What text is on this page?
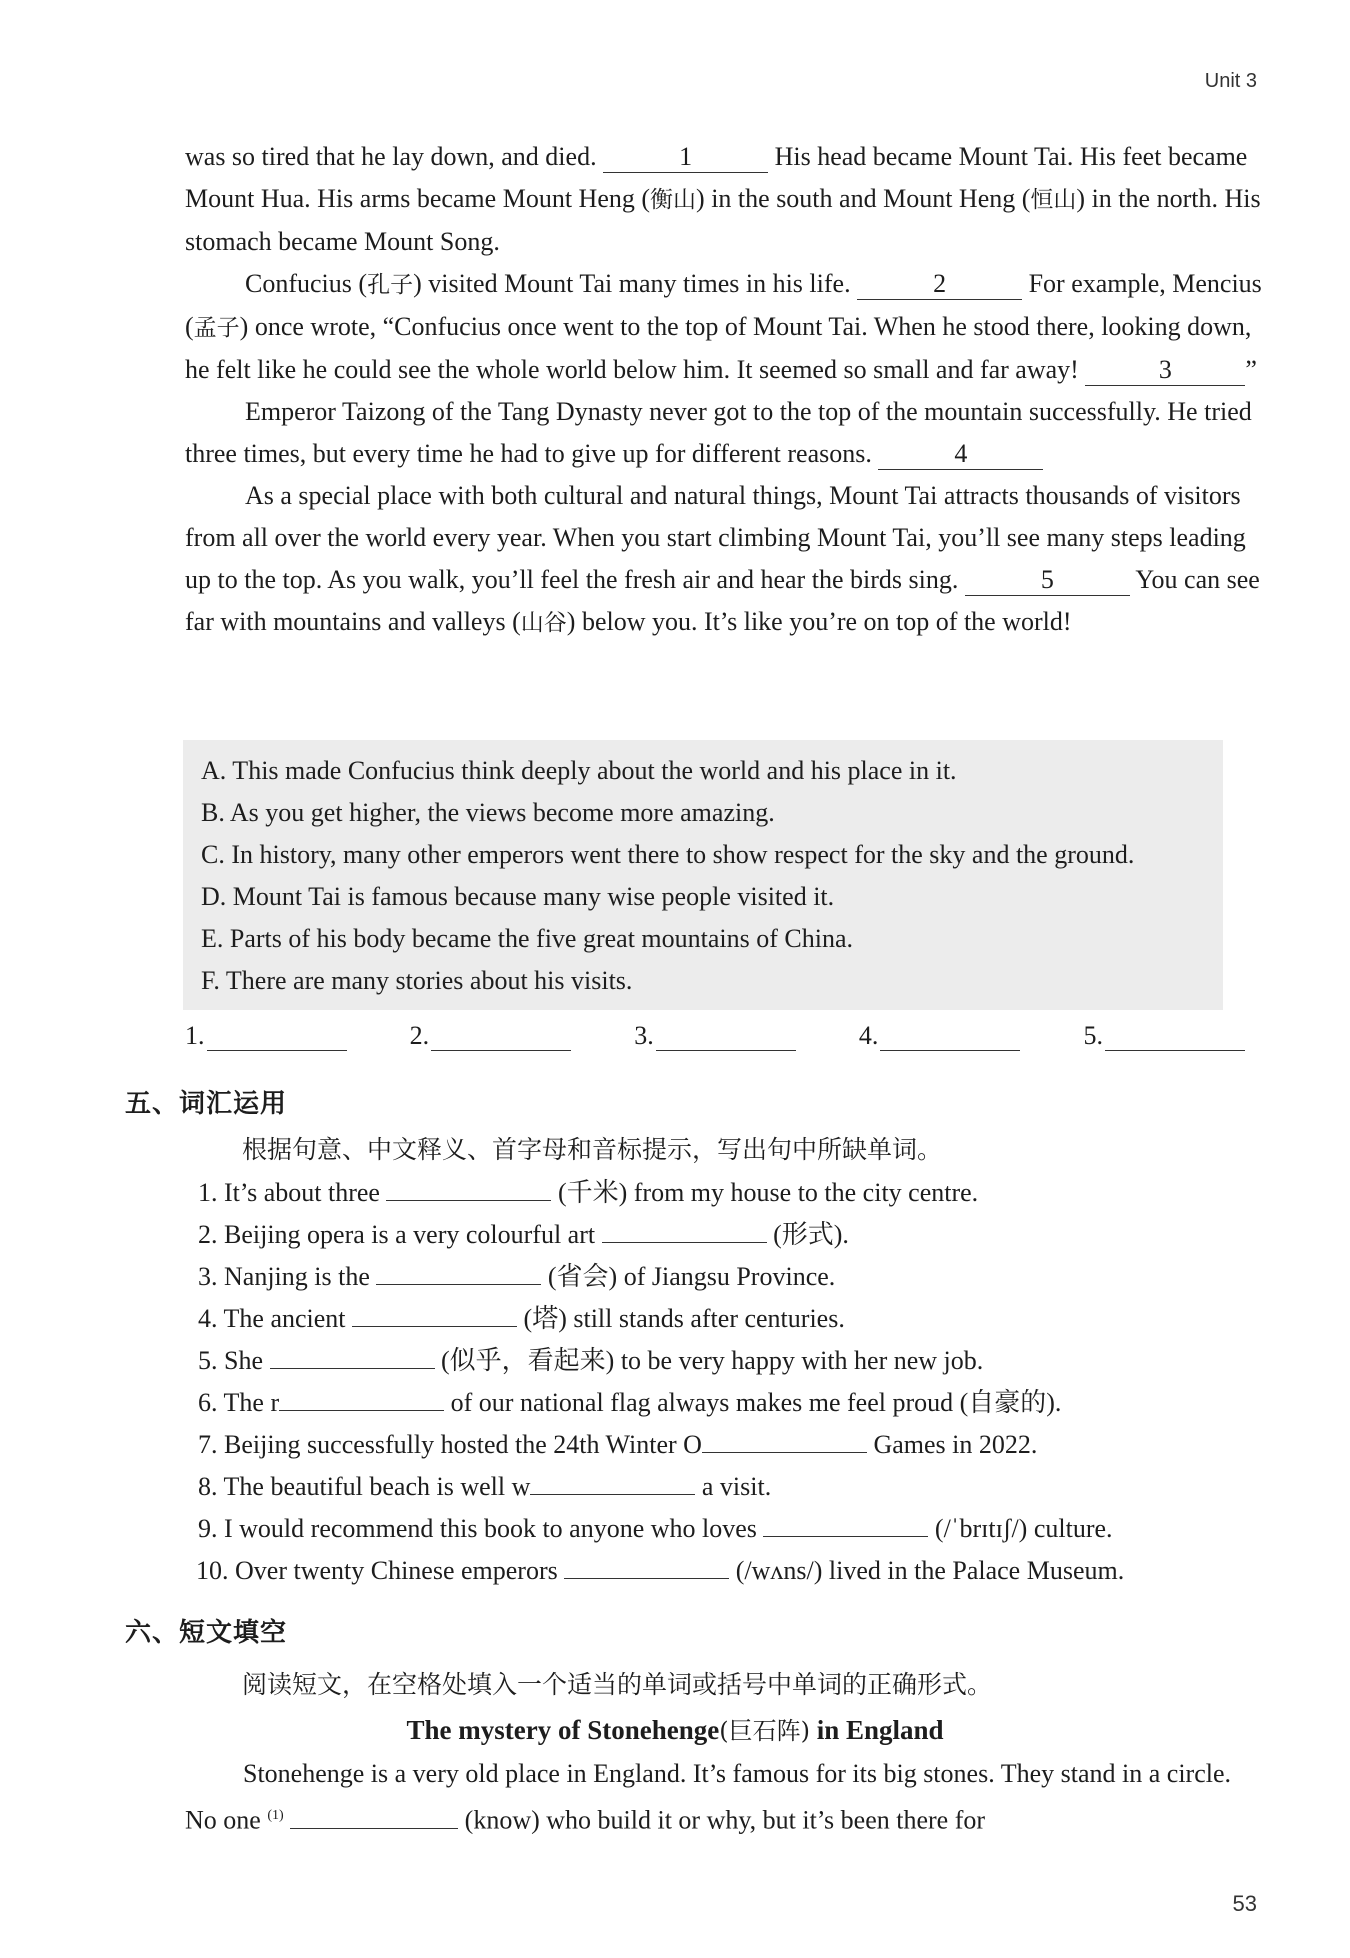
Unit 3

was so tired that he lay down, and died.	1	His head became Mount Tai. His feet became Mount Hua. His arms became Mount Heng (衡山) in the south and Mount Heng (恒山) in the north. His stomach became Mount Song.

Confucius (孔子) visited Mount Tai many times in his life.	2	For example, Mencius (孟子) once wrote, “Confucius once went to the top of Mount Tai. When he stood there, looking down, he felt like he could see the whole world below him. It seemed so small and far away!	3	”

Emperor Taizong of the Tang Dynasty never got to the top of the mountain successfully. He tried three times, but every time he had to give up for different reasons.	4

As a special place with both cultural and natural things, Mount Tai attracts thousands of visitors from all over the world every year. When you start climbing Mount Tai, you’ll see many steps leading up to the top. As you walk, you’ll feel the fresh air and hear the birds sing.	5	You can see far with mountains and valleys (山谷) below you. It’s like you’re on top of the world!

A. This made Confucius think deeply about the world and his place in it.
B. As you get higher, the views become more amazing.
C. In history, many other emperors went there to show respect for the sky and the ground.
D. Mount Tai is famous because many wise people visited it.
E. Parts of his body became the five great mountains of China.
F. There are many stories about his visits.
1.	2.	3.	4.	5.
五、词汇运用
根据句意、中文释义、首字母和音标提示，写出句中所缺单词。
1. It’s about three	(千米) from my house to the city centre.
2. Beijing opera is a very colourful art	(形式).
3. Nanjing is the	(省会) of Jiangsu Province.
4. The ancient	(塔) still stands after centuries.
5. She	(似乎，看起来) to be very happy with her new job.
6. The r	of our national flag always makes me feel proud (自豪的).
7. Beijing successfully hosted the 24th Winter O	Games in 2022.
8. The beautiful beach is well w	a visit.
9. I would recommend this book to anyone who loves	(/ˈbrɪtɪʃ/) culture.
10. Over twenty Chinese emperors	(/wʌns/) lived in the Palace Museum.
六、短文填空
阅读短文，在空格处填入一个适当的单词或括号中单词的正确形式。
The mystery of Stonehenge(巨石阵) in England

Stonehenge is a very old place in England. It’s famous for its big stones. They stand in a circle. No one $^{(1)}$	(know) who build it or why, but it’s been there for

53
